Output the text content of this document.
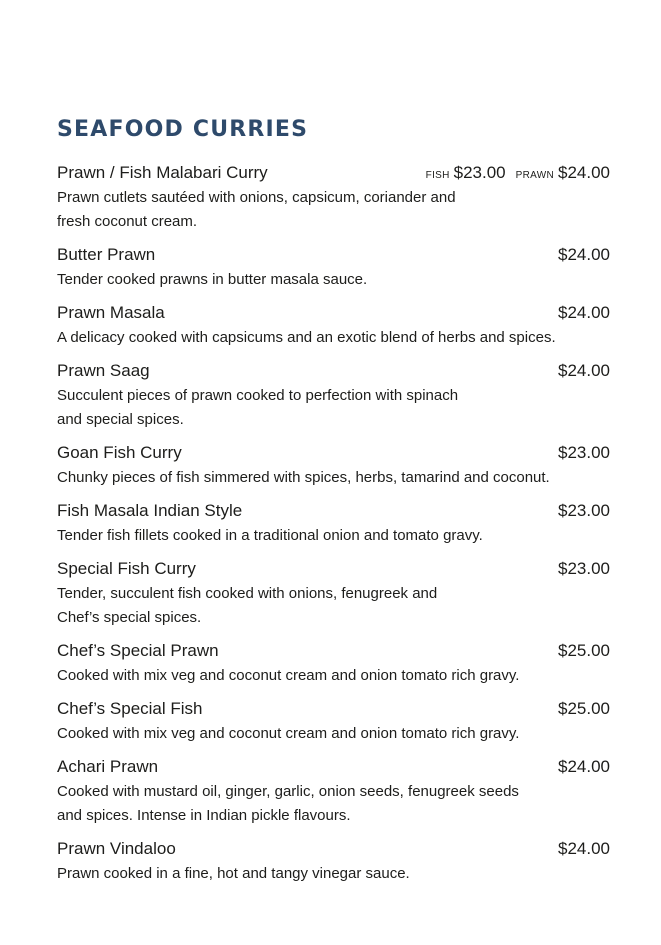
SEAFOOD CURRIES
Prawn / Fish Malabari Curry	FISH $23.00 PRAWN $24.00
Prawn cutlets sautéed with onions, capsicum, coriander and
fresh coconut cream.
Butter Prawn	$24.00
Tender cooked prawns in butter masala sauce.
Prawn Masala	$24.00
A delicacy cooked with capsicums and an exotic blend of herbs and spices.
Prawn Saag	$24.00
Succulent pieces of prawn cooked to perfection with spinach
and special spices.
Goan Fish Curry	$23.00
Chunky pieces of fish simmered with spices, herbs, tamarind and coconut.
Fish Masala Indian Style	$23.00
Tender fish fillets cooked in a traditional onion and tomato gravy.
Special Fish Curry	$23.00
Tender, succulent fish cooked with onions, fenugreek and
Chef’s special spices.
Chef’s Special Prawn	$25.00
Cooked with mix veg and coconut cream and onion tomato rich gravy.
Chef’s Special Fish	$25.00
Cooked with mix veg and coconut cream and onion tomato rich gravy.
Achari Prawn	$24.00
Cooked with mustard oil, ginger, garlic, onion seeds, fenugreek seeds
and spices. Intense in Indian pickle flavours.
Prawn Vindaloo	$24.00
Prawn cooked in a fine, hot and tangy vinegar sauce.
